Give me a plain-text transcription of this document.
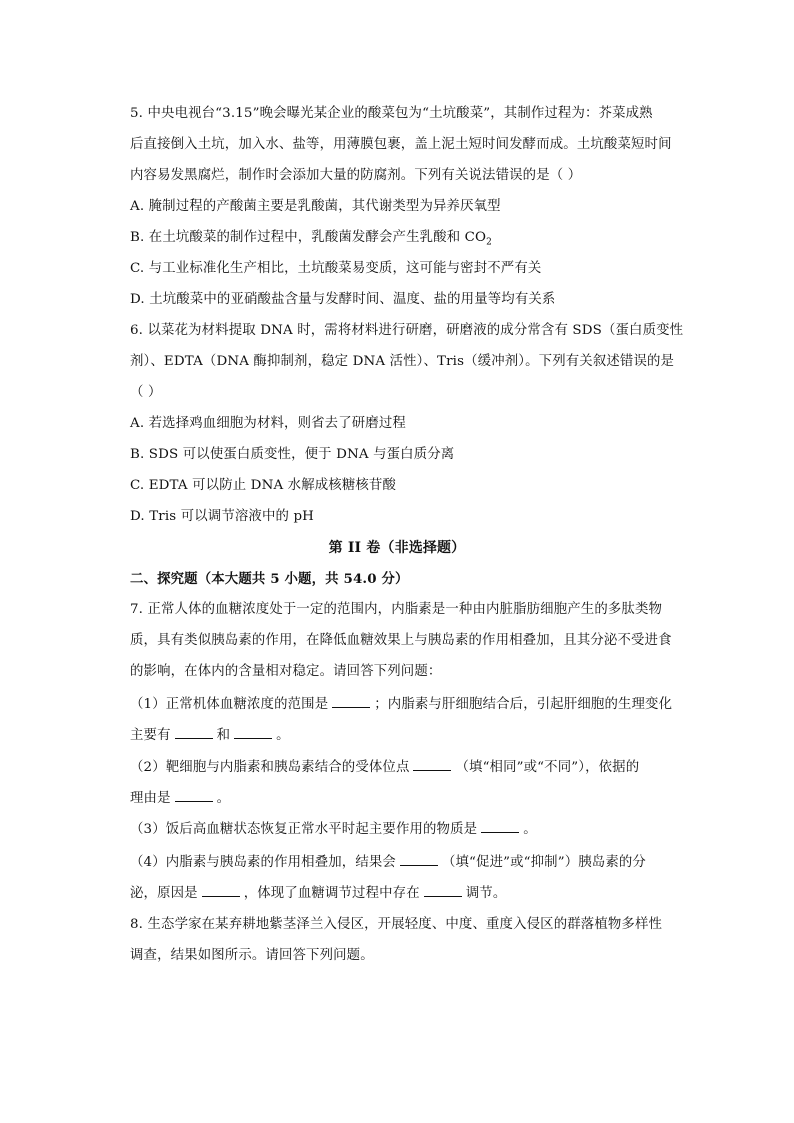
5. 中央电视台“3.15”晚会曝光某企业的酸菜包为“土坑酸菜”，其制作过程为：芥菜成熟
后直接倒入土坑，加入水、盐等，用薄膜包裹，盖上泥土短时间发酵而成。土坑酸菜短时间
内容易发黑腐烂，制作时会添加大量的防腐剂。下列有关说法错误的是（ ）
A. 腌制过程的产酸菌主要是乳酸菌，其代谢类型为异养厌氧型
B. 在土坑酸菜的制作过程中，乳酸菌发酵会产生乳酸和 $CO_2$
C. 与工业标准化生产相比，土坑酸菜易变质，这可能与密封不严有关
D. 土坑酸菜中的亚硝酸盐含量与发酵时间、温度、盐的用量等均有关系
6. 以菜花为材料提取 DNA 时，需将材料进行研磨，研磨液的成分常含有 SDS（蛋白质变性
剂）、EDTA（DNA 酶抑制剂，稳定 DNA 活性）、Tris（缓冲剂）。下列有关叙述错误的是
（ ）
A. 若选择鸡血细胞为材料，则省去了研磨过程
B. SDS 可以使蛋白质变性，便于 DNA 与蛋白质分离
C. EDTA 可以防止 DNA 水解成核糖核苷酸
D. Tris 可以调节溶液中的 pH
第 II 卷（非选择题）
二、探究题（本大题共 5 小题，共 54.0 分）
7. 正常人体的血糖浓度处于一定的范围内，内脂素是一种由内脏脂肪细胞产生的多肽类物
质，具有类似胰岛素的作用，在降低血糖效果上与胰岛素的作用相叠加，且其分泌不受进食
的影响，在体内的含量相对稳定。请回答下列问题：
（1）正常机体血糖浓度的范围是	；内脂素与肝细胞结合后，引起肝细胞的生理变化
主要有	和	。
（2）靶细胞与内脂素和胰岛素结合的受体位点	（填“相同”或“不同”），依据的
理由是	。
（3）饭后高血糖状态恢复正常水平时起主要作用的物质是	。
（4）内脂素与胰岛素的作用相叠加，结果会	（填“促进”或“抑制”）胰岛素的分
泌，原因是	，体现了血糖调节过程中存在	调节。
8. 生态学家在某弃耕地紫茎泽兰入侵区，开展轻度、中度、重度入侵区的群落植物多样性
调查，结果如图所示。请回答下列问题。
